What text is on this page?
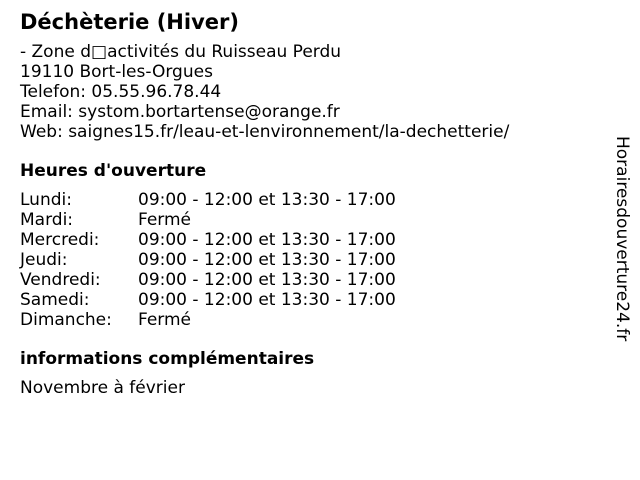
Déchèterie (Hiver)
- Zone d□activités du Ruisseau Perdu
19110 Bort-les-Orgues
Telefon: 05.55.96.78.44
Email: systom.bortartense@orange.fr
Web: saignes15.fr/leau-et-lenvironnement/la-dechetterie/
Heures d'ouverture
Lundi:	09:00 - 12:00 et 13:30 - 17:00
Mardi:	Fermé
Mercredi:	09:00 - 12:00 et 13:30 - 17:00
Jeudi:	09:00 - 12:00 et 13:30 - 17:00
Vendredi:	09:00 - 12:00 et 13:30 - 17:00
Samedi:	09:00 - 12:00 et 13:30 - 17:00
Dimanche:	Fermé
informations complémentaires
Novembre à février
Horairesdouverture24.fr
